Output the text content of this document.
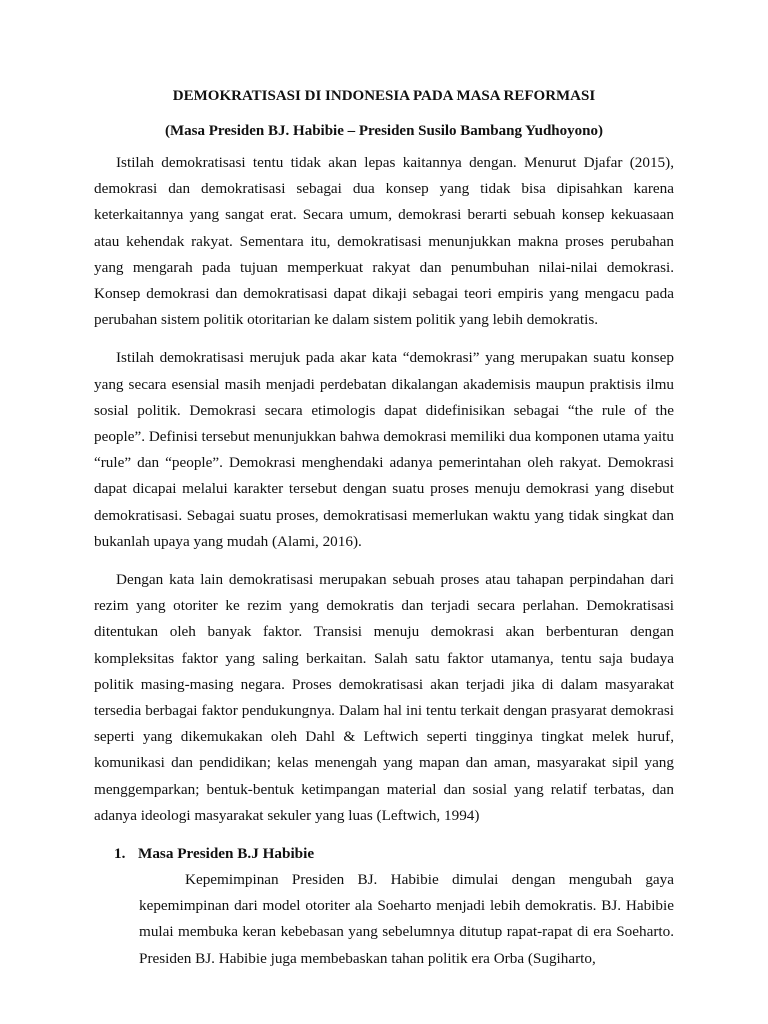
DEMOKRATISASI DI INDONESIA PADA MASA REFORMASI
(Masa Presiden BJ. Habibie – Presiden Susilo Bambang Yudhoyono)

Istilah demokratisasi tentu tidak akan lepas kaitannya dengan. Menurut Djafar (2015), demokrasi dan demokratisasi sebagai dua konsep yang tidak bisa dipisahkan karena keterkaitannya yang sangat erat. Secara umum, demokrasi berarti sebuah konsep kekuasaan atau kehendak rakyat. Sementara itu, demokratisasi menunjukkan makna proses perubahan yang mengarah pada tujuan memperkuat rakyat dan penumbuhan nilai-nilai demokrasi. Konsep demokrasi dan demokratisasi dapat dikaji sebagai teori empiris yang mengacu pada perubahan sistem politik otoritarian ke dalam sistem politik yang lebih demokratis.

Istilah demokratisasi merujuk pada akar kata “demokrasi” yang merupakan suatu konsep yang secara esensial masih menjadi perdebatan dikalangan akademisis maupun praktisis ilmu sosial politik. Demokrasi secara etimologis dapat didefinisikan sebagai “the rule of the people”. Definisi tersebut menunjukkan bahwa demokrasi memiliki dua komponen utama yaitu “rule” dan “people”. Demokrasi menghendaki adanya pemerintahan oleh rakyat. Demokrasi dapat dicapai melalui karakter tersebut dengan suatu proses menuju demokrasi yang disebut demokratisasi. Sebagai suatu proses, demokratisasi memerlukan waktu yang tidak singkat dan bukanlah upaya yang mudah (Alami, 2016).

Dengan kata lain demokratisasi merupakan sebuah proses atau tahapan perpindahan dari rezim yang otoriter ke rezim yang demokratis dan terjadi secara perlahan. Demokratisasi ditentukan oleh banyak faktor. Transisi menuju demokrasi akan berbenturan dengan kompleksitas faktor yang saling berkaitan. Salah satu faktor utamanya, tentu saja budaya politik masing-masing negara. Proses demokratisasi akan terjadi jika di dalam masyarakat tersedia berbagai faktor pendukungnya. Dalam hal ini tentu terkait dengan prasyarat demokrasi seperti yang dikemukakan oleh Dahl & Leftwich seperti tingginya tingkat melek huruf, komunikasi dan pendidikan; kelas menengah yang mapan dan aman, masyarakat sipil yang menggemparkan; bentuk-bentuk ketimpangan material dan sosial yang relatif terbatas, dan adanya ideologi masyarakat sekuler yang luas (Leftwich, 1994)

1. Masa Presiden B.J Habibie

Kepemimpinan Presiden BJ. Habibie dimulai dengan mengubah gaya kepemimpinan dari model otoriter ala Soeharto menjadi lebih demokratis. BJ. Habibie mulai membuka keran kebebasan yang sebelumnya ditutup rapat-rapat di era Soeharto. Presiden BJ. Habibie juga membebaskan tahan politik era Orba (Sugiharto,
